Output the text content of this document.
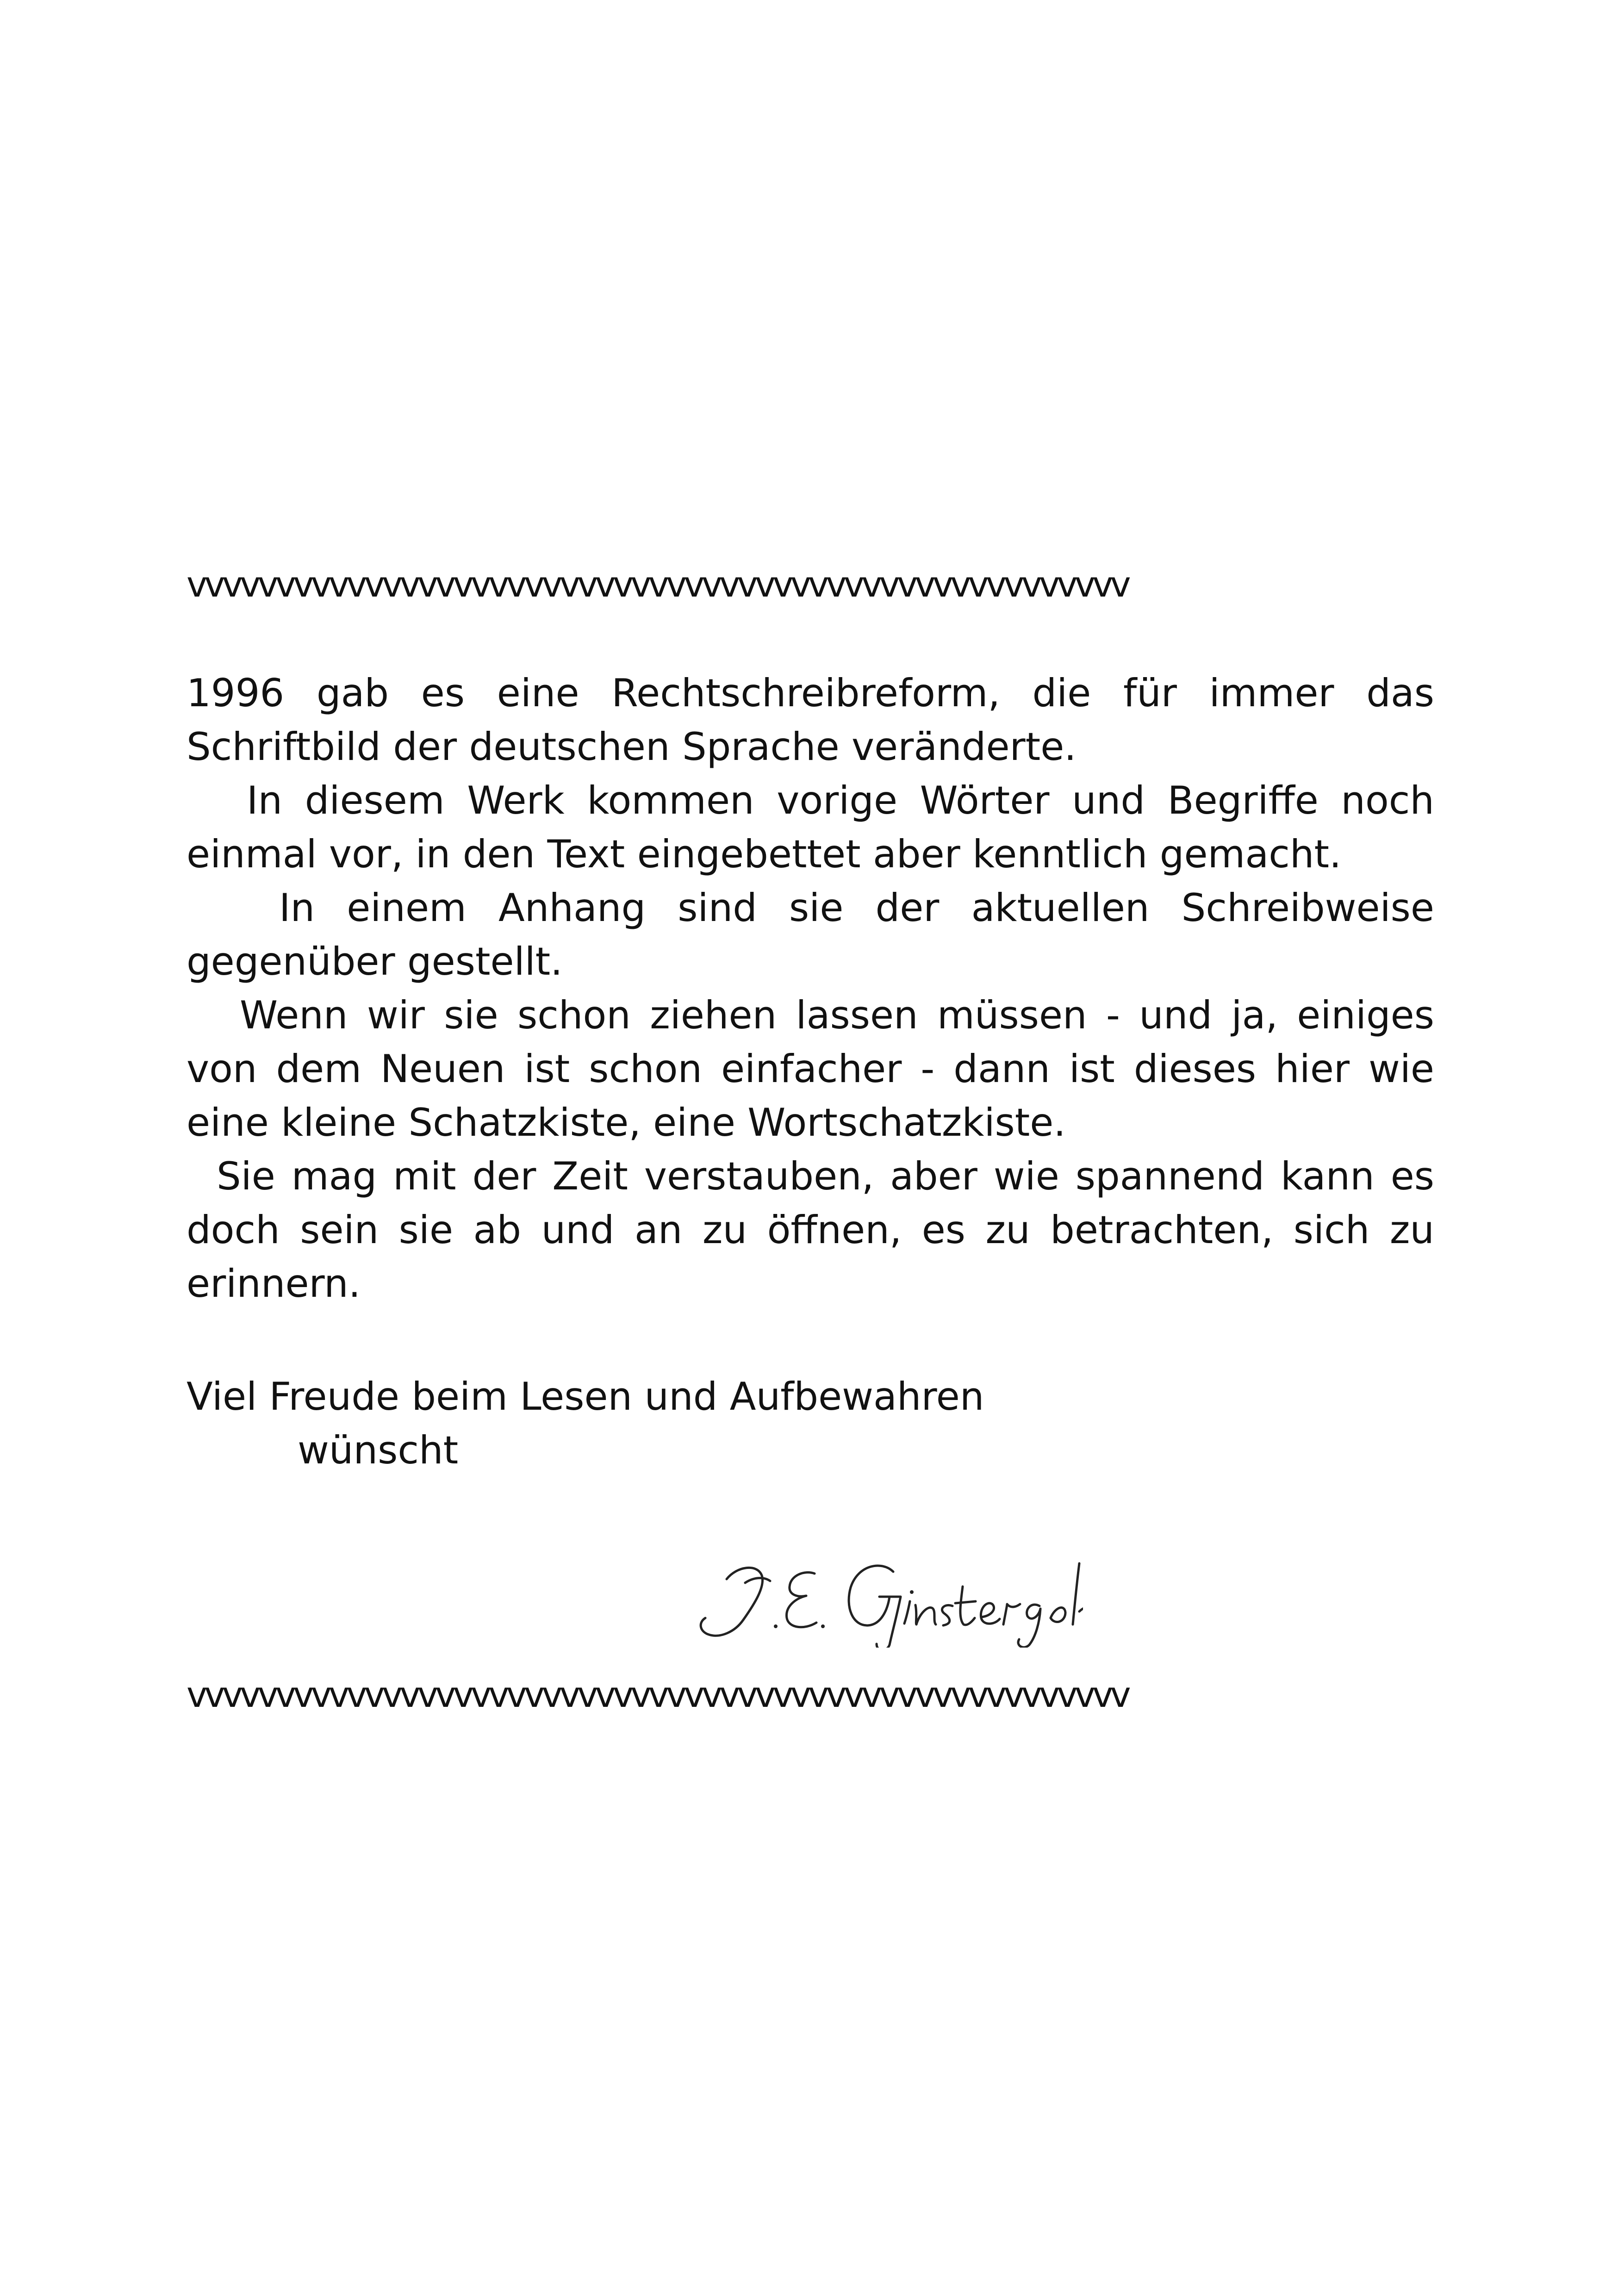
vvvvvvvvvvvvvvvvvvvvvvvvvvvvvvvvvvvvvvvvvvvvvvvvvvvvv

1996 gab es eine Rechtschreibreform, die für immer das Schriftbild der deutschen Sprache veränderte.

In diesem Werk kommen vorige Wörter und Begriffe noch einmal vor, in den Text eingebettet aber kenntlich gemacht.

In einem Anhang sind sie der aktuellen Schreibweise gegenüber gestellt.

Wenn wir sie schon ziehen lassen müssen - und ja, einiges von dem Neuen ist schon einfacher - dann ist dieses hier wie eine kleine Schatzkiste, eine Wortschatzkiste.

Sie mag mit der Zeit verstauben, aber wie spannend kann es doch sein sie ab und an zu öffnen, es zu betrachten, sich zu erinnern.

Viel Freude beim Lesen und Aufbewahren
wünscht
vvvvvvvvvvvvvvvvvvvvvvvvvvvvvvvvvvvvvvvvvvvvvvvvvvvvv
